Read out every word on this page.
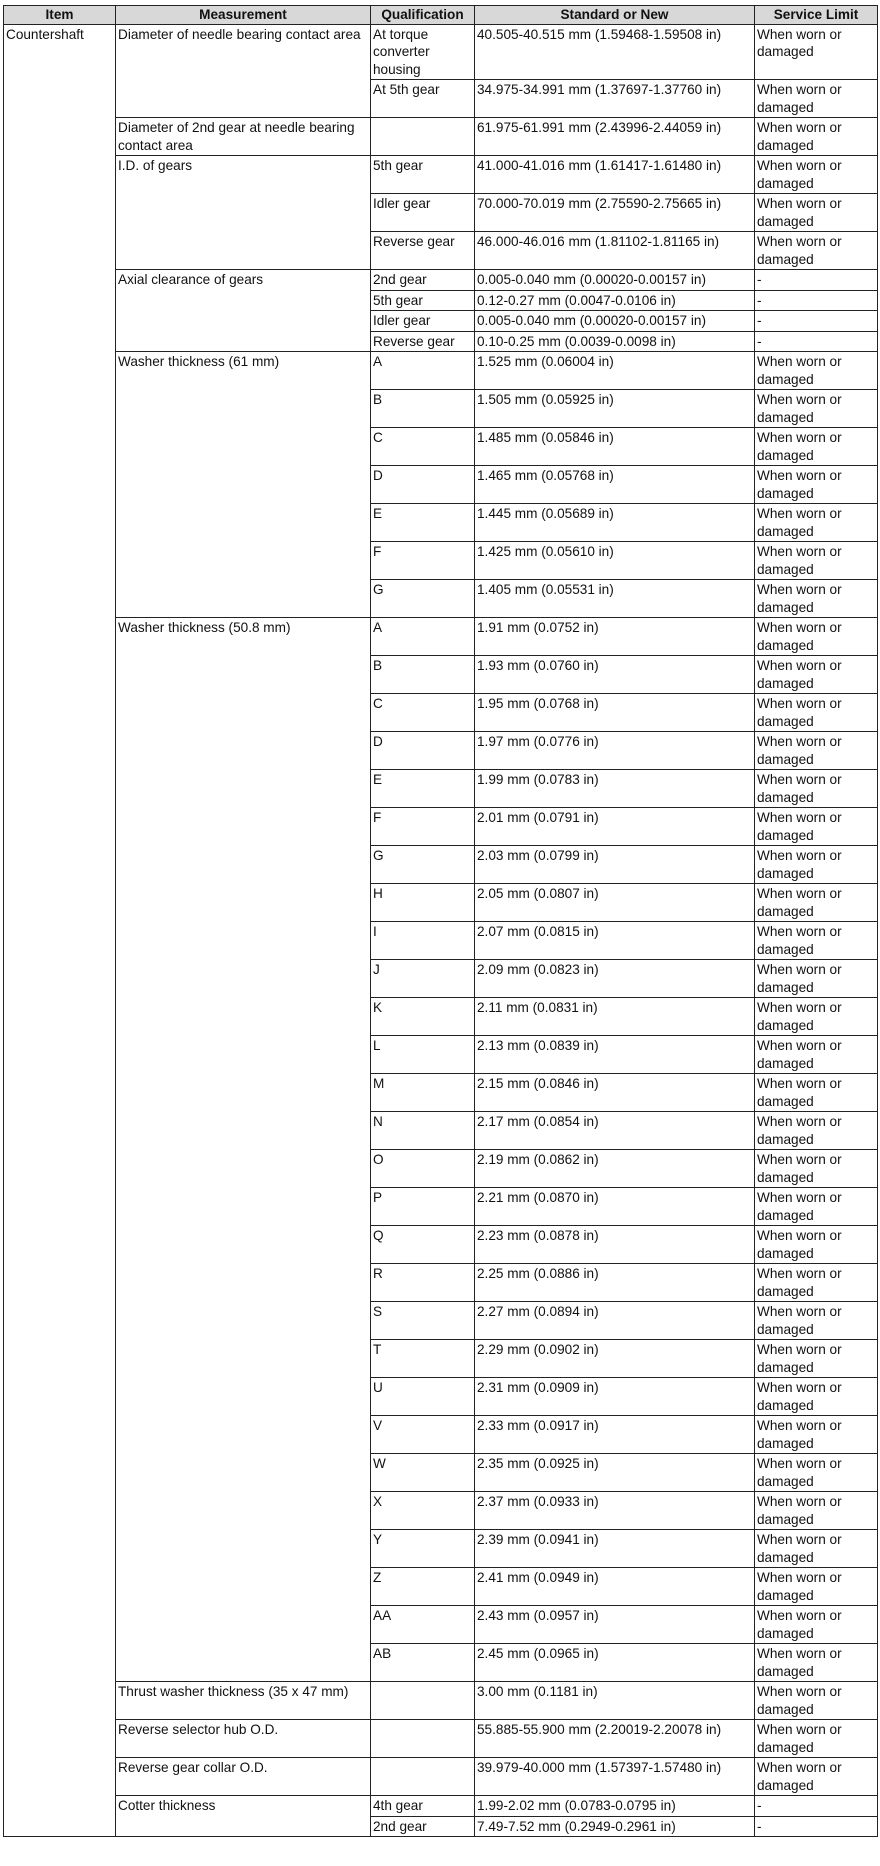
Item	Measurement	Qualification	Standard or New	Service Limit
Countershaft	Diameter of needle bearing contact area	At torque converter housing	40.505-40.515 mm (1.59468-1.59508 in)	When worn or damaged
		At 5th gear	34.975-34.991 mm (1.37697-1.37760 in)	When worn or damaged
	Diameter of 2nd gear at needle bearing contact area		61.975-61.991 mm (2.43996-2.44059 in)	When worn or damaged
	I.D. of gears	5th gear	41.000-41.016 mm (1.61417-1.61480 in)	When worn or damaged
		Idler gear	70.000-70.019 mm (2.75590-2.75665 in)	When worn or damaged
		Reverse gear	46.000-46.016 mm (1.81102-1.81165 in)	When worn or damaged
	Axial clearance of gears	2nd gear	0.005-0.040 mm (0.00020-0.00157 in)	-
		5th gear	0.12-0.27 mm (0.0047-0.0106 in)	-
		Idler gear	0.005-0.040 mm (0.00020-0.00157 in)	-
		Reverse gear	0.10-0.25 mm (0.0039-0.0098 in)	-
	Washer thickness (61 mm)	A	1.525 mm (0.06004 in)	When worn or damaged
		B	1.505 mm (0.05925 in)	When worn or damaged
		C	1.485 mm (0.05846 in)	When worn or damaged
		D	1.465 mm (0.05768 in)	When worn or damaged
		E	1.445 mm (0.05689 in)	When worn or damaged
		F	1.425 mm (0.05610 in)	When worn or damaged
		G	1.405 mm (0.05531 in)	When worn or damaged
	Washer thickness (50.8 mm)	A	1.91 mm (0.0752 in)	When worn or damaged
		B	1.93 mm (0.0760 in)	When worn or damaged
		C	1.95 mm (0.0768 in)	When worn or damaged
		D	1.97 mm (0.0776 in)	When worn or damaged
		E	1.99 mm (0.0783 in)	When worn or damaged
		F	2.01 mm (0.0791 in)	When worn or damaged
		G	2.03 mm (0.0799 in)	When worn or damaged
		H	2.05 mm (0.0807 in)	When worn or damaged
		I	2.07 mm (0.0815 in)	When worn or damaged
		J	2.09 mm (0.0823 in)	When worn or damaged
		K	2.11 mm (0.0831 in)	When worn or damaged
		L	2.13 mm (0.0839 in)	When worn or damaged
		M	2.15 mm (0.0846 in)	When worn or damaged
		N	2.17 mm (0.0854 in)	When worn or damaged
		O	2.19 mm (0.0862 in)	When worn or damaged
		P	2.21 mm (0.0870 in)	When worn or damaged
		Q	2.23 mm (0.0878 in)	When worn or damaged
		R	2.25 mm (0.0886 in)	When worn or damaged
		S	2.27 mm (0.0894 in)	When worn or damaged
		T	2.29 mm (0.0902 in)	When worn or damaged
		U	2.31 mm (0.0909 in)	When worn or damaged
		V	2.33 mm (0.0917 in)	When worn or damaged
		W	2.35 mm (0.0925 in)	When worn or damaged
		X	2.37 mm (0.0933 in)	When worn or damaged
		Y	2.39 mm (0.0941 in)	When worn or damaged
		Z	2.41 mm (0.0949 in)	When worn or damaged
		AA	2.43 mm (0.0957 in)	When worn or damaged
		AB	2.45 mm (0.0965 in)	When worn or damaged
	Thrust washer thickness (35 x 47 mm)		3.00 mm (0.1181 in)	When worn or damaged
	Reverse selector hub O.D.		55.885-55.900 mm (2.20019-2.20078 in)	When worn or damaged
	Reverse gear collar O.D.		39.979-40.000 mm (1.57397-1.57480 in)	When worn or damaged
	Cotter thickness	4th gear	1.99-2.02 mm (0.0783-0.0795 in)	-
		2nd gear	7.49-7.52 mm (0.2949-0.2961 in)	-
